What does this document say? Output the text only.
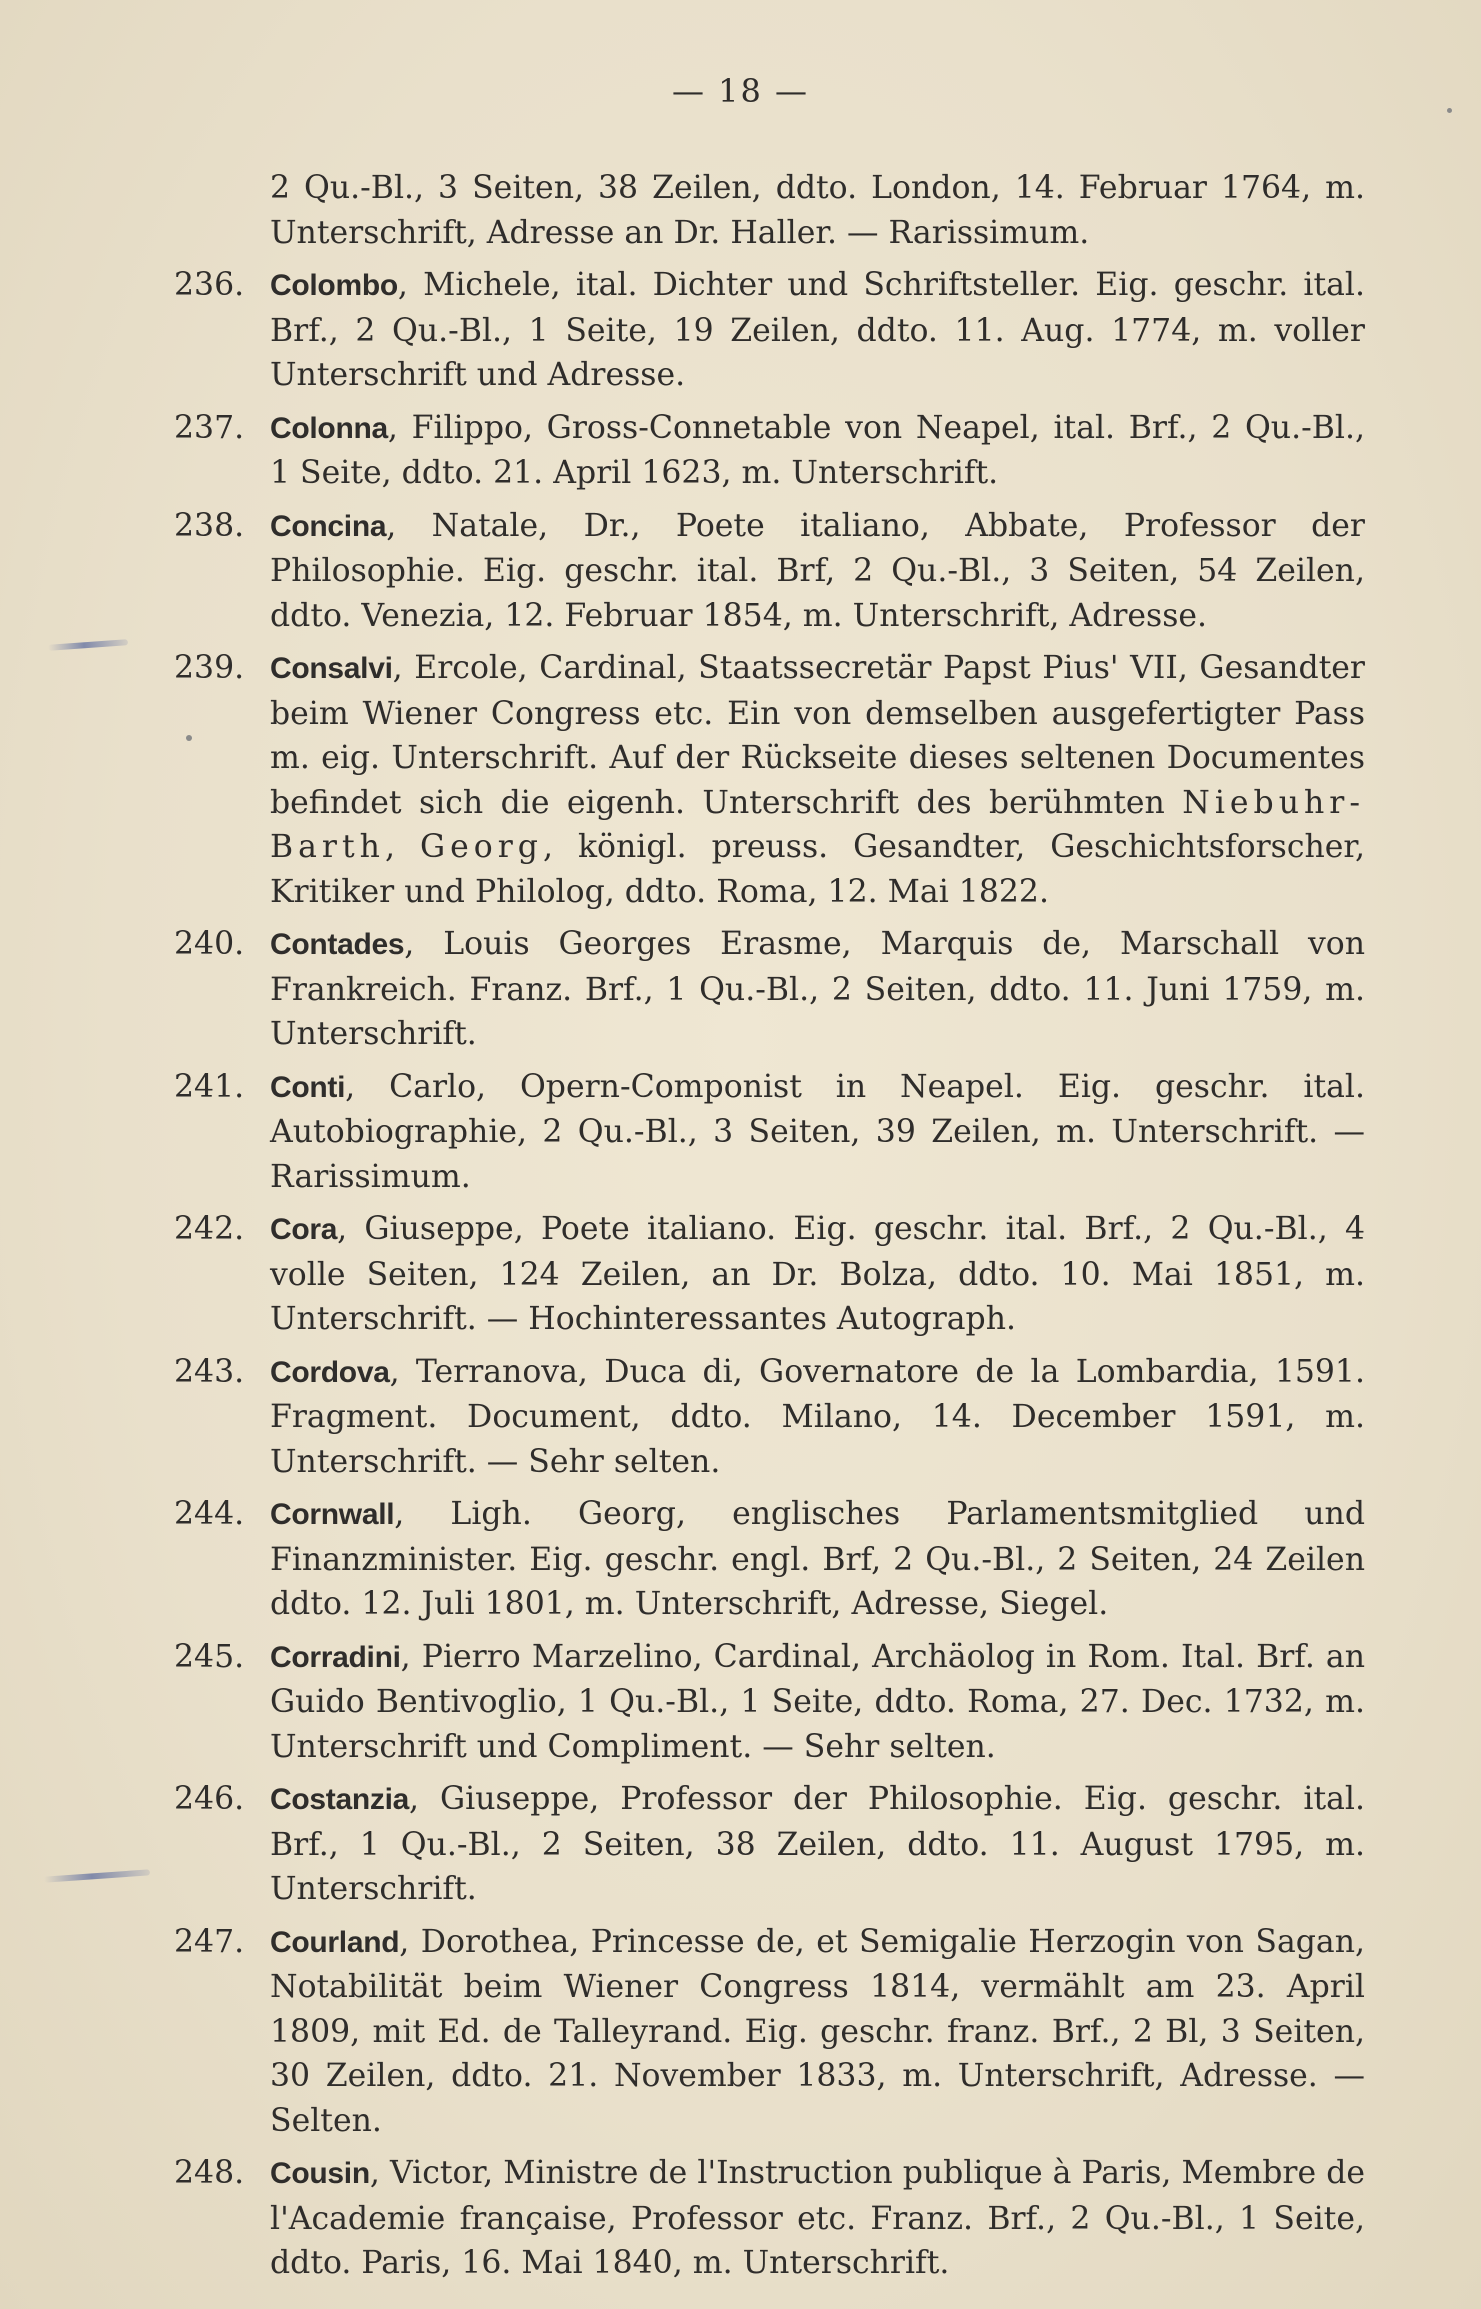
— 18 —
2 Qu.-Bl., 3 Seiten, 38 Zeilen, ddto. London, 14. Februar 1764, m. Unterschrift, Adresse an Dr. Haller. — Rarissimum.
236. Colombo, Michele, ital. Dichter und Schriftsteller. Eig. geschr. ital. Brf., 2 Qu.-Bl., 1 Seite, 19 Zeilen, ddto. 11. Aug. 1774, m. voller Unterschrift und Adresse.
237. Colonna, Filippo, Gross-Connetable von Neapel, ital. Brf., 2 Qu.-Bl., 1 Seite, ddto. 21. April 1623, m. Unterschrift.
238. Concina, Natale, Dr., Poete italiano, Abbate, Professor der Philosophie. Eig. geschr. ital. Brf, 2 Qu.-Bl., 3 Seiten, 54 Zeilen, ddto. Venezia, 12. Februar 1854, m. Unterschrift, Adresse.
239. Consalvi, Ercole, Cardinal, Staatssecretär Papst Pius' VII, Gesandter beim Wiener Congress etc. Ein von demselben ausgefertigter Pass m. eig. Unterschrift. Auf der Rückseite dieses seltenen Documentes befindet sich die eigenh. Unterschrift des berühmten Niebuhr-Barth, Georg, königl. preuss. Gesandter, Geschichtsforscher, Kritiker und Philolog, ddto. Roma, 12. Mai 1822.
240. Contades, Louis Georges Erasme, Marquis de, Marschall von Frankreich. Franz. Brf., 1 Qu.-Bl., 2 Seiten, ddto. 11. Juni 1759, m. Unterschrift.
241. Conti, Carlo, Opern-Componist in Neapel. Eig. geschr. ital. Autobiographie, 2 Qu.-Bl., 3 Seiten, 39 Zeilen, m. Unterschrift. — Rarissimum.
242. Cora, Giuseppe, Poete italiano. Eig. geschr. ital. Brf., 2 Qu.-Bl., 4 volle Seiten, 124 Zeilen, an Dr. Bolza, ddto. 10. Mai 1851, m. Unterschrift. — Hochinteressantes Autograph.
243. Cordova, Terranova, Duca di, Governatore de la Lombardia, 1591. Fragment. Document, ddto. Milano, 14. December 1591, m. Unterschrift. — Sehr selten.
244. Cornwall, Ligh. Georg, englisches Parlamentsmitglied und Finanzminister. Eig. geschr. engl. Brf, 2 Qu.-Bl., 2 Seiten, 24 Zeilen ddto. 12. Juli 1801, m. Unterschrift, Adresse, Siegel.
245. Corradini, Pierro Marzelino, Cardinal, Archäolog in Rom. Ital. Brf. an Guido Bentivoglio, 1 Qu.-Bl., 1 Seite, ddto. Roma, 27. Dec. 1732, m. Unterschrift und Compliment. — Sehr selten.
246. Costanzia, Giuseppe, Professor der Philosophie. Eig. geschr. ital. Brf., 1 Qu.-Bl., 2 Seiten, 38 Zeilen, ddto. 11. August 1795, m. Unterschrift.
247. Courland, Dorothea, Princesse de, et Semigalie Herzogin von Sagan, Notabilität beim Wiener Congress 1814, vermählt am 23. April 1809, mit Ed. de Talleyrand. Eig. geschr. franz. Brf., 2 Bl, 3 Seiten, 30 Zeilen, ddto. 21. November 1833, m. Unterschrift, Adresse. — Selten.
248. Cousin, Victor, Ministre de l'Instruction publique à Paris, Membre de l'Academie française, Professor etc. Franz. Brf., 2 Qu.-Bl., 1 Seite, ddto. Paris, 16. Mai 1840, m. Unterschrift.
